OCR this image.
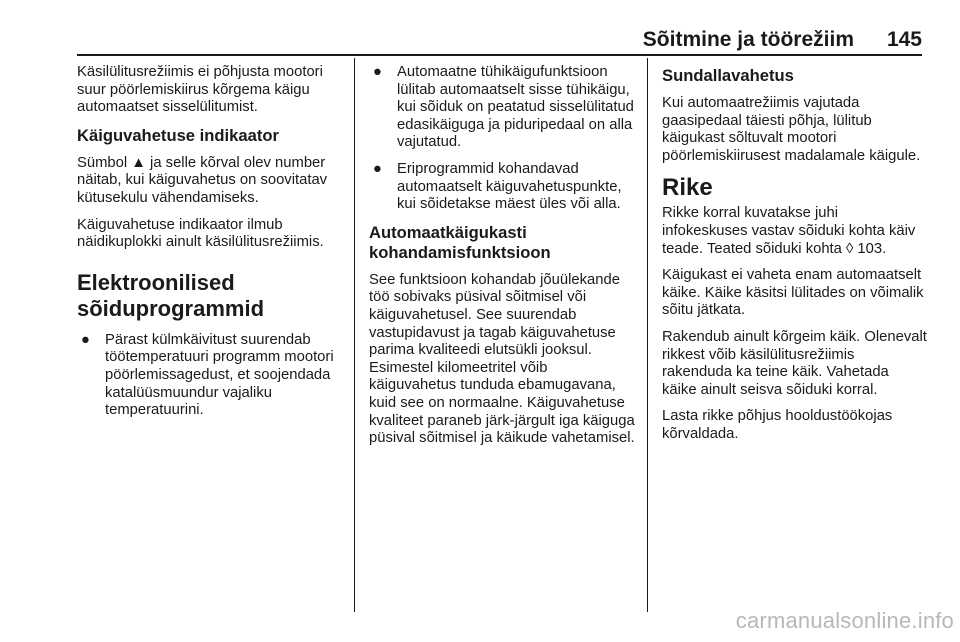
Sõitmine ja töörežiim 145

Käsilülitusrežiimis ei põhjusta mootori suur pöörlemiskiirus kõrgema käigu automaatset sisselülitumist.

Käiguvahetuse indikaator

Sümbol ▲ ja selle kõrval olev number näitab, kui käiguvahetus on soovitatav kütusekulu vähendamiseks.

Käiguvahetuse indikaator ilmub näidikuplokki ainult käsilülitusrežiimis.

Elektroonilised sõiduprogrammid
● Pärast külmkäivitust suurendab töötemperatuuri programm mootori pöörlemissagedust, et soojendada katalüüsmuundur vajaliku temperatuurini.
● Automaatne tühikäigufunktsioon lülitab automaatselt sisse tühikäigu, kui sõiduk on peatatud sisselülitatud edasikäiguga ja piduripedaal on alla vajutatud.
● Eriprogrammid kohandavad automaatselt käiguvahetuspunkte, kui sõidetakse mäest üles või alla.
Automaatkäigukasti kohandamisfunktsioon

See funktsioon kohandab jõuülekande töö sobivaks püsival sõitmisel või käiguvahetusel. See suurendab vastupidavust ja tagab käiguvahetuse parima kvaliteedi elutsükli jooksul. Esimestel kilomeetritel võib käiguvahetus tunduda ebamugavana, kuid see on normaalne. Käiguvahetuse kvaliteet paraneb järk-järgult iga käiguga püsival sõitmisel ja käikude vahetamisel.

Sundallavahetus

Kui automaatrežiimis vajutada gaasipedaal täiesti põhja, lülitub käigukast sõltuvalt mootori pöörlemiskiirusest madalamale käigule.

Rike

Rikke korral kuvatakse juhi infokeskuses vastav sõiduki kohta käiv teade. Teated sõiduki kohta ◊ 103.

Käigukast ei vaheta enam automaatselt käike. Käike käsitsi lülitades on võimalik sõitu jätkata.

Rakendub ainult kõrgeim käik. Olenevalt rikkest võib käsilülitusrežiimis rakenduda ka teine käik. Vahetada käike ainult seisva sõiduki korral.

Lasta rikke põhjus hooldustöökojas kõrvaldada.

carmanualsonline.info
